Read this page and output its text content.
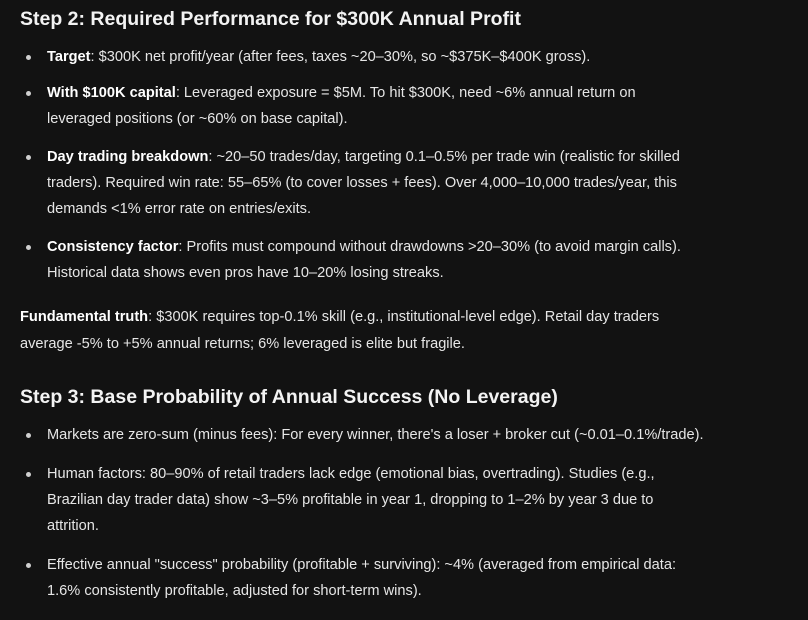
Step 2: Required Performance for $300K Annual Profit
Target: $300K net profit/year (after fees, taxes ~20–30%, so ~$375K–$400K gross).
With $100K capital: Leveraged exposure = $5M. To hit $300K, need ~6% annual return on
leveraged positions (or ~60% on base capital).
Day trading breakdown: ~20–50 trades/day, targeting 0.1–0.5% per trade win (realistic for skilled
traders). Required win rate: 55–65% (to cover losses + fees). Over 4,000–10,000 trades/year, this
demands <1% error rate on entries/exits.
Consistency factor: Profits must compound without drawdowns >20–30% (to avoid margin calls).
Historical data shows even pros have 10–20% losing streaks.
Fundamental truth: $300K requires top-0.1% skill (e.g., institutional-level edge). Retail day traders
average -5% to +5% annual returns; 6% leveraged is elite but fragile.
Step 3: Base Probability of Annual Success (No Leverage)
Markets are zero-sum (minus fees): For every winner, there's a loser + broker cut (~0.01–0.1%/trade).
Human factors: 80–90% of retail traders lack edge (emotional bias, overtrading). Studies (e.g.,
Brazilian day trader data) show ~3–5% profitable in year 1, dropping to 1–2% by year 3 due to
attrition.
Effective annual "success" probability (profitable + surviving): ~4% (averaged from empirical data:
1.6% consistently profitable, adjusted for short-term wins).
